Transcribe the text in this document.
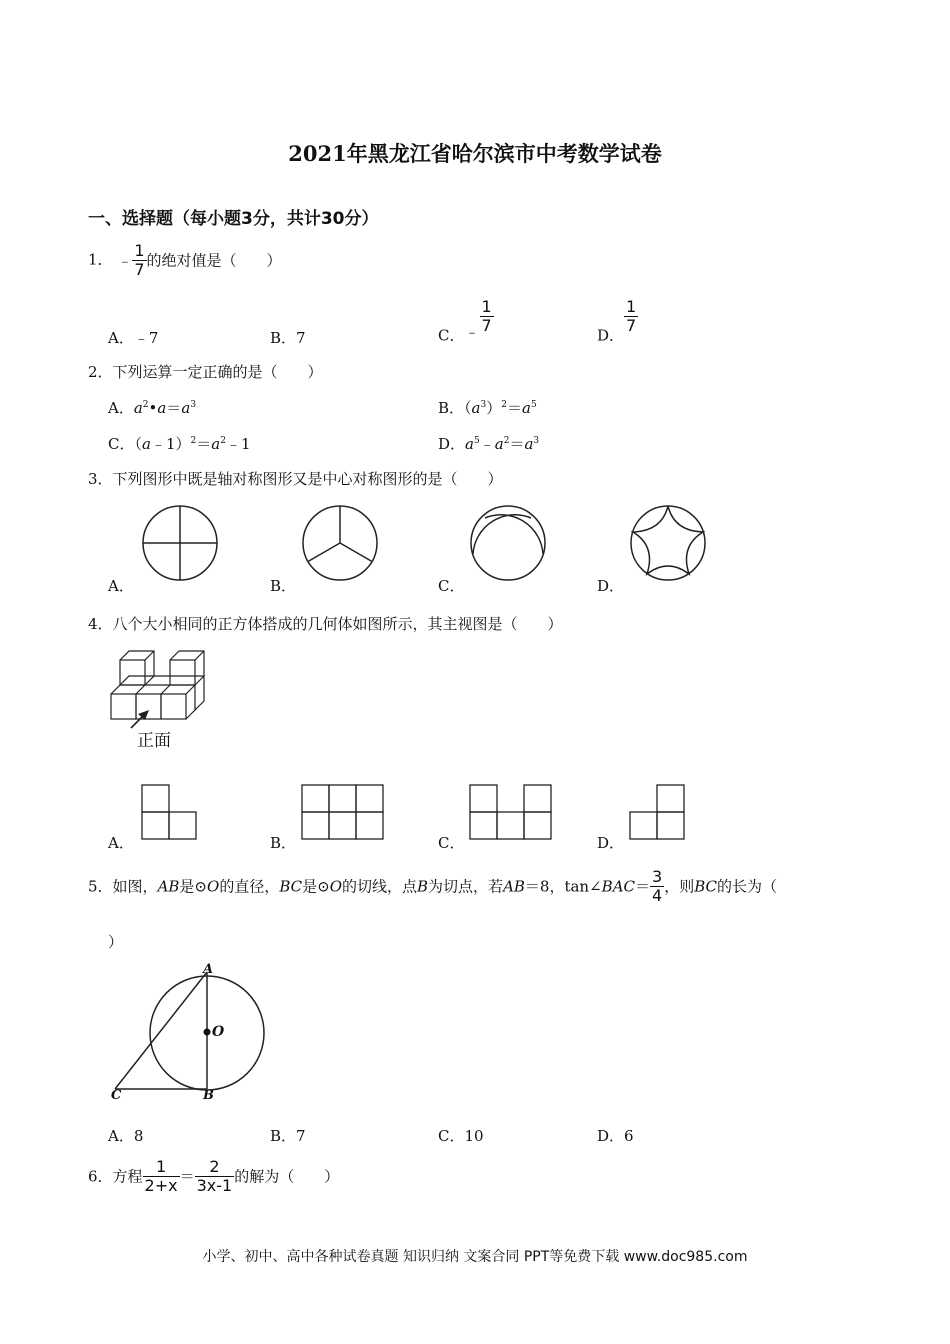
2021年黑龙江省哈尔滨市中考数学试卷
一、选择题（每小题3分，共计30分）
1． ﹣ $\frac{1}{7}$ 的绝对值是（　　）
A．﹣7	B．7	C．﹣ $\frac{1}{7}$
D．
$\frac{1}{7}$
2．下列运算一定正确的是（　　）
A．$a^2•a=a^3$	B．$(a^3)^2=a^5$
C．$(a﹣1)^2=a^2﹣1$	D．$a^5﹣a^2=a^3$
3．下列图形中既是轴对称图形又是中心对称图形的是（　　）
A．	B．	C．	D．
4．八个大小相同的正方体搭成的几何体如图所示，其主视图是（　　）
正面
A．	B．	C．	D．
5．如图，AB是⊙O的直径，BC是⊙O的切线，点B为切点，若AB＝8，tan∠BAC＝ $\frac{3}{4}$ ，则BC的长为（
）
A
O
C	B
A．8	B．7	C．10	D．6
6．方程 $\frac{1}{2+x} = \frac{2}{3x-1}$ 的解为（　　）
小学、初中、高中各种试卷真题 知识归纳 文案合同 PPT等免费下载 www.doc985.com
